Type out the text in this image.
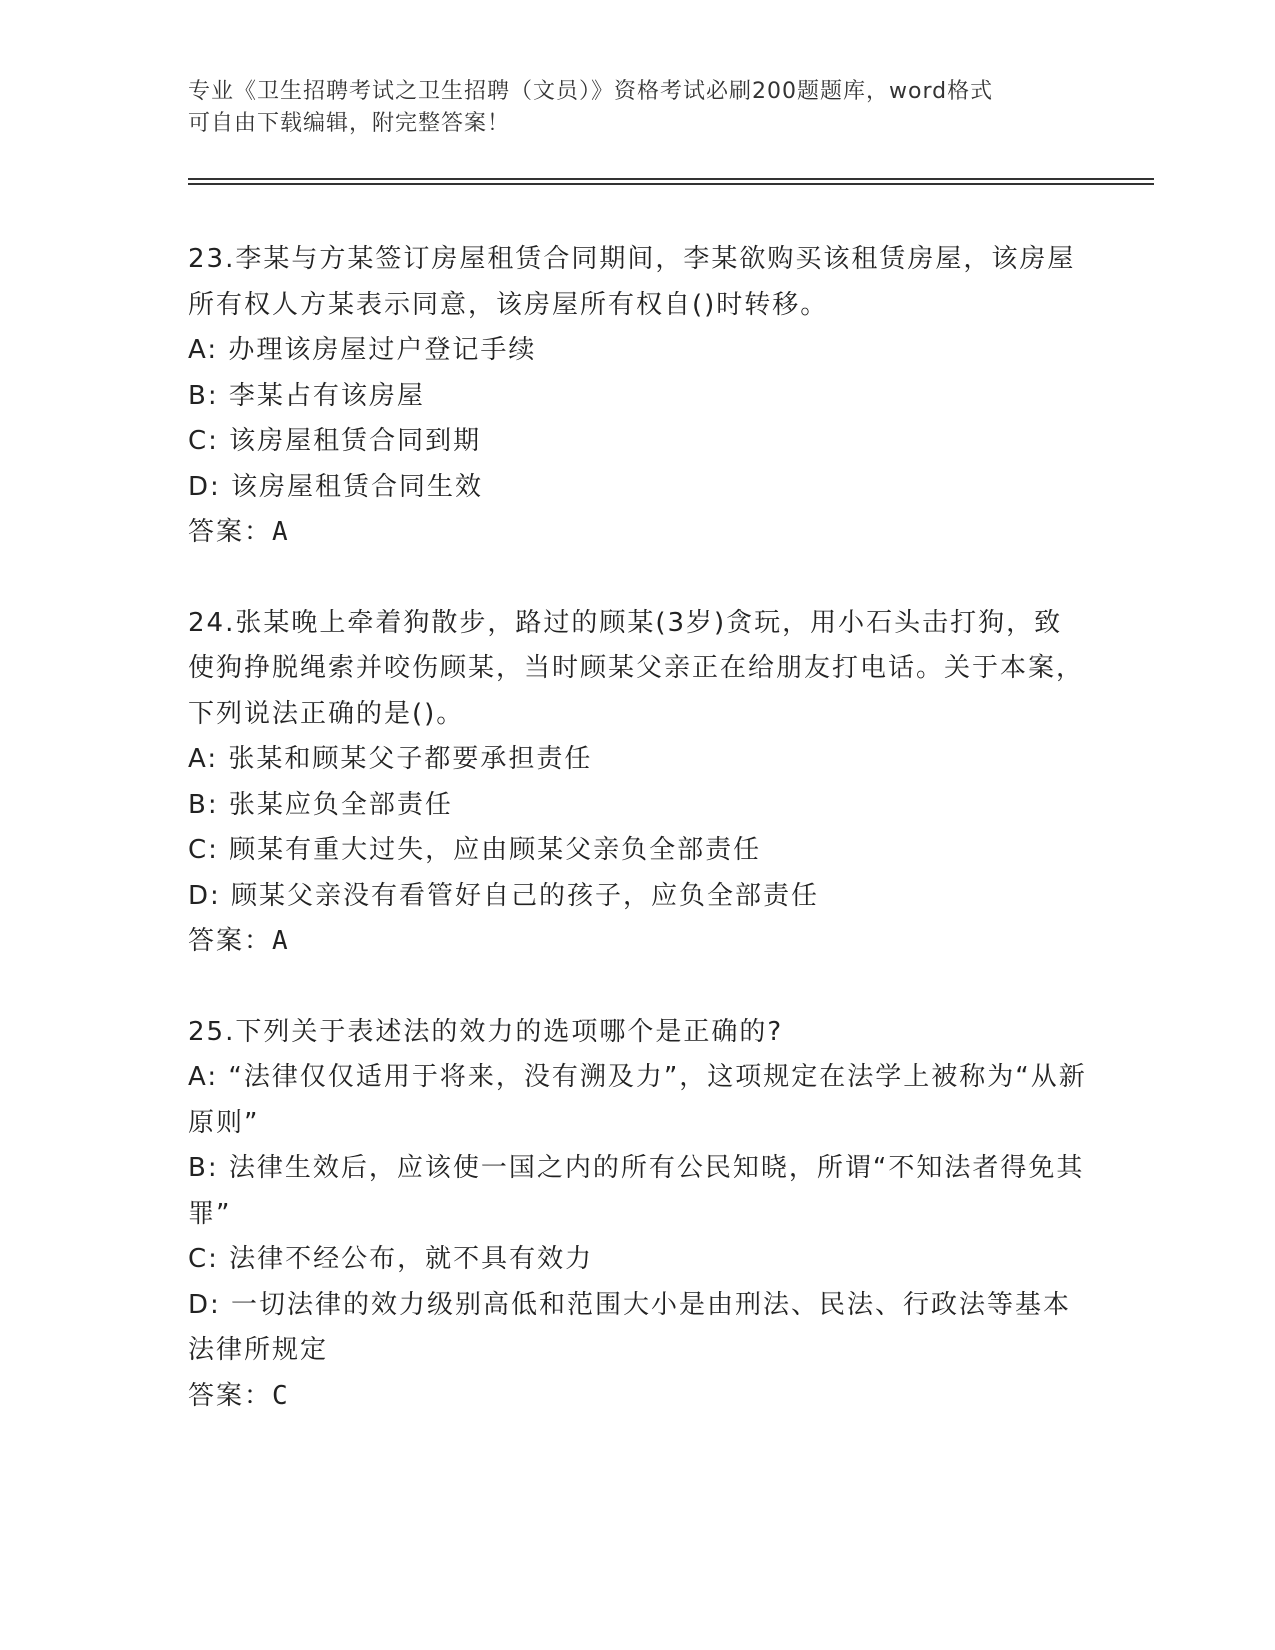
专业《卫生招聘考试之卫生招聘（文员）》资格考试必刷200题题库，word格式
可自由下载编辑，附完整答案！

23.李某与方某签订房屋租赁合同期间，李某欲购买该租赁房屋，该房屋所有权人方某表示同意，该房屋所有权自()时转移。

A: 办理该房屋过户登记手续

B: 李某占有该房屋

C: 该房屋租赁合同到期

D: 该房屋租赁合同生效

答案：A

24.张某晚上牵着狗散步，路过的顾某(3岁)贪玩，用小石头击打狗，致使狗挣脱绳索并咬伤顾某，当时顾某父亲正在给朋友打电话。关于本案，下列说法正确的是()。

A: 张某和顾某父子都要承担责任

B: 张某应负全部责任

C: 顾某有重大过失，应由顾某父亲负全部责任

D: 顾某父亲没有看管好自己的孩子，应负全部责任

答案：A

25.下列关于表述法的效力的选项哪个是正确的?

A: “法律仅仅适用于将来，没有溯及力”，这项规定在法学上被称为“从新原则”

B: 法律生效后，应该使一国之内的所有公民知晓，所谓“不知法者得免其罪”

C: 法律不经公布，就不具有效力

D: 一切法律的效力级别高低和范围大小是由刑法、民法、行政法等基本法律所规定

答案：C
